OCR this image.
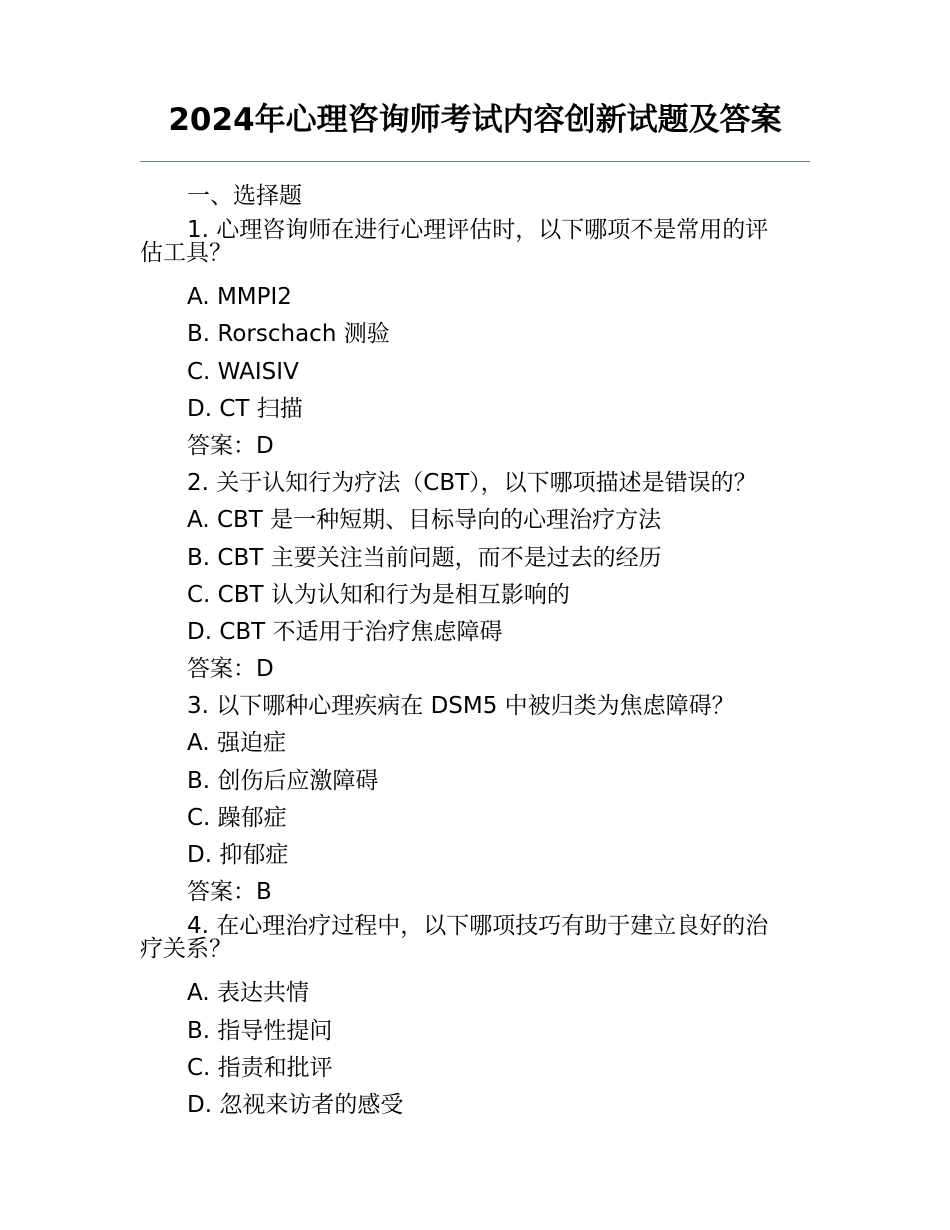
2024年心理咨询师考试内容创新试题及答案
一、选择题
1. 心理咨询师在进行心理评估时，以下哪项不是常用的评
估工具？
A. MMPI2
B. Rorschach 测验
C. WAISIV
D. CT 扫描
答案：D
2. 关于认知行为疗法（CBT），以下哪项描述是错误的？
A. CBT 是一种短期、目标导向的心理治疗方法
B. CBT 主要关注当前问题，而不是过去的经历
C. CBT 认为认知和行为是相互影响的
D. CBT 不适用于治疗焦虑障碍
答案：D
3. 以下哪种心理疾病在 DSM5 中被归类为焦虑障碍？
A. 强迫症
B. 创伤后应激障碍
C. 躁郁症
D. 抑郁症
答案：B
4. 在心理治疗过程中，以下哪项技巧有助于建立良好的治
疗关系？
A. 表达共情
B. 指导性提问
C. 指责和批评
D. 忽视来访者的感受
